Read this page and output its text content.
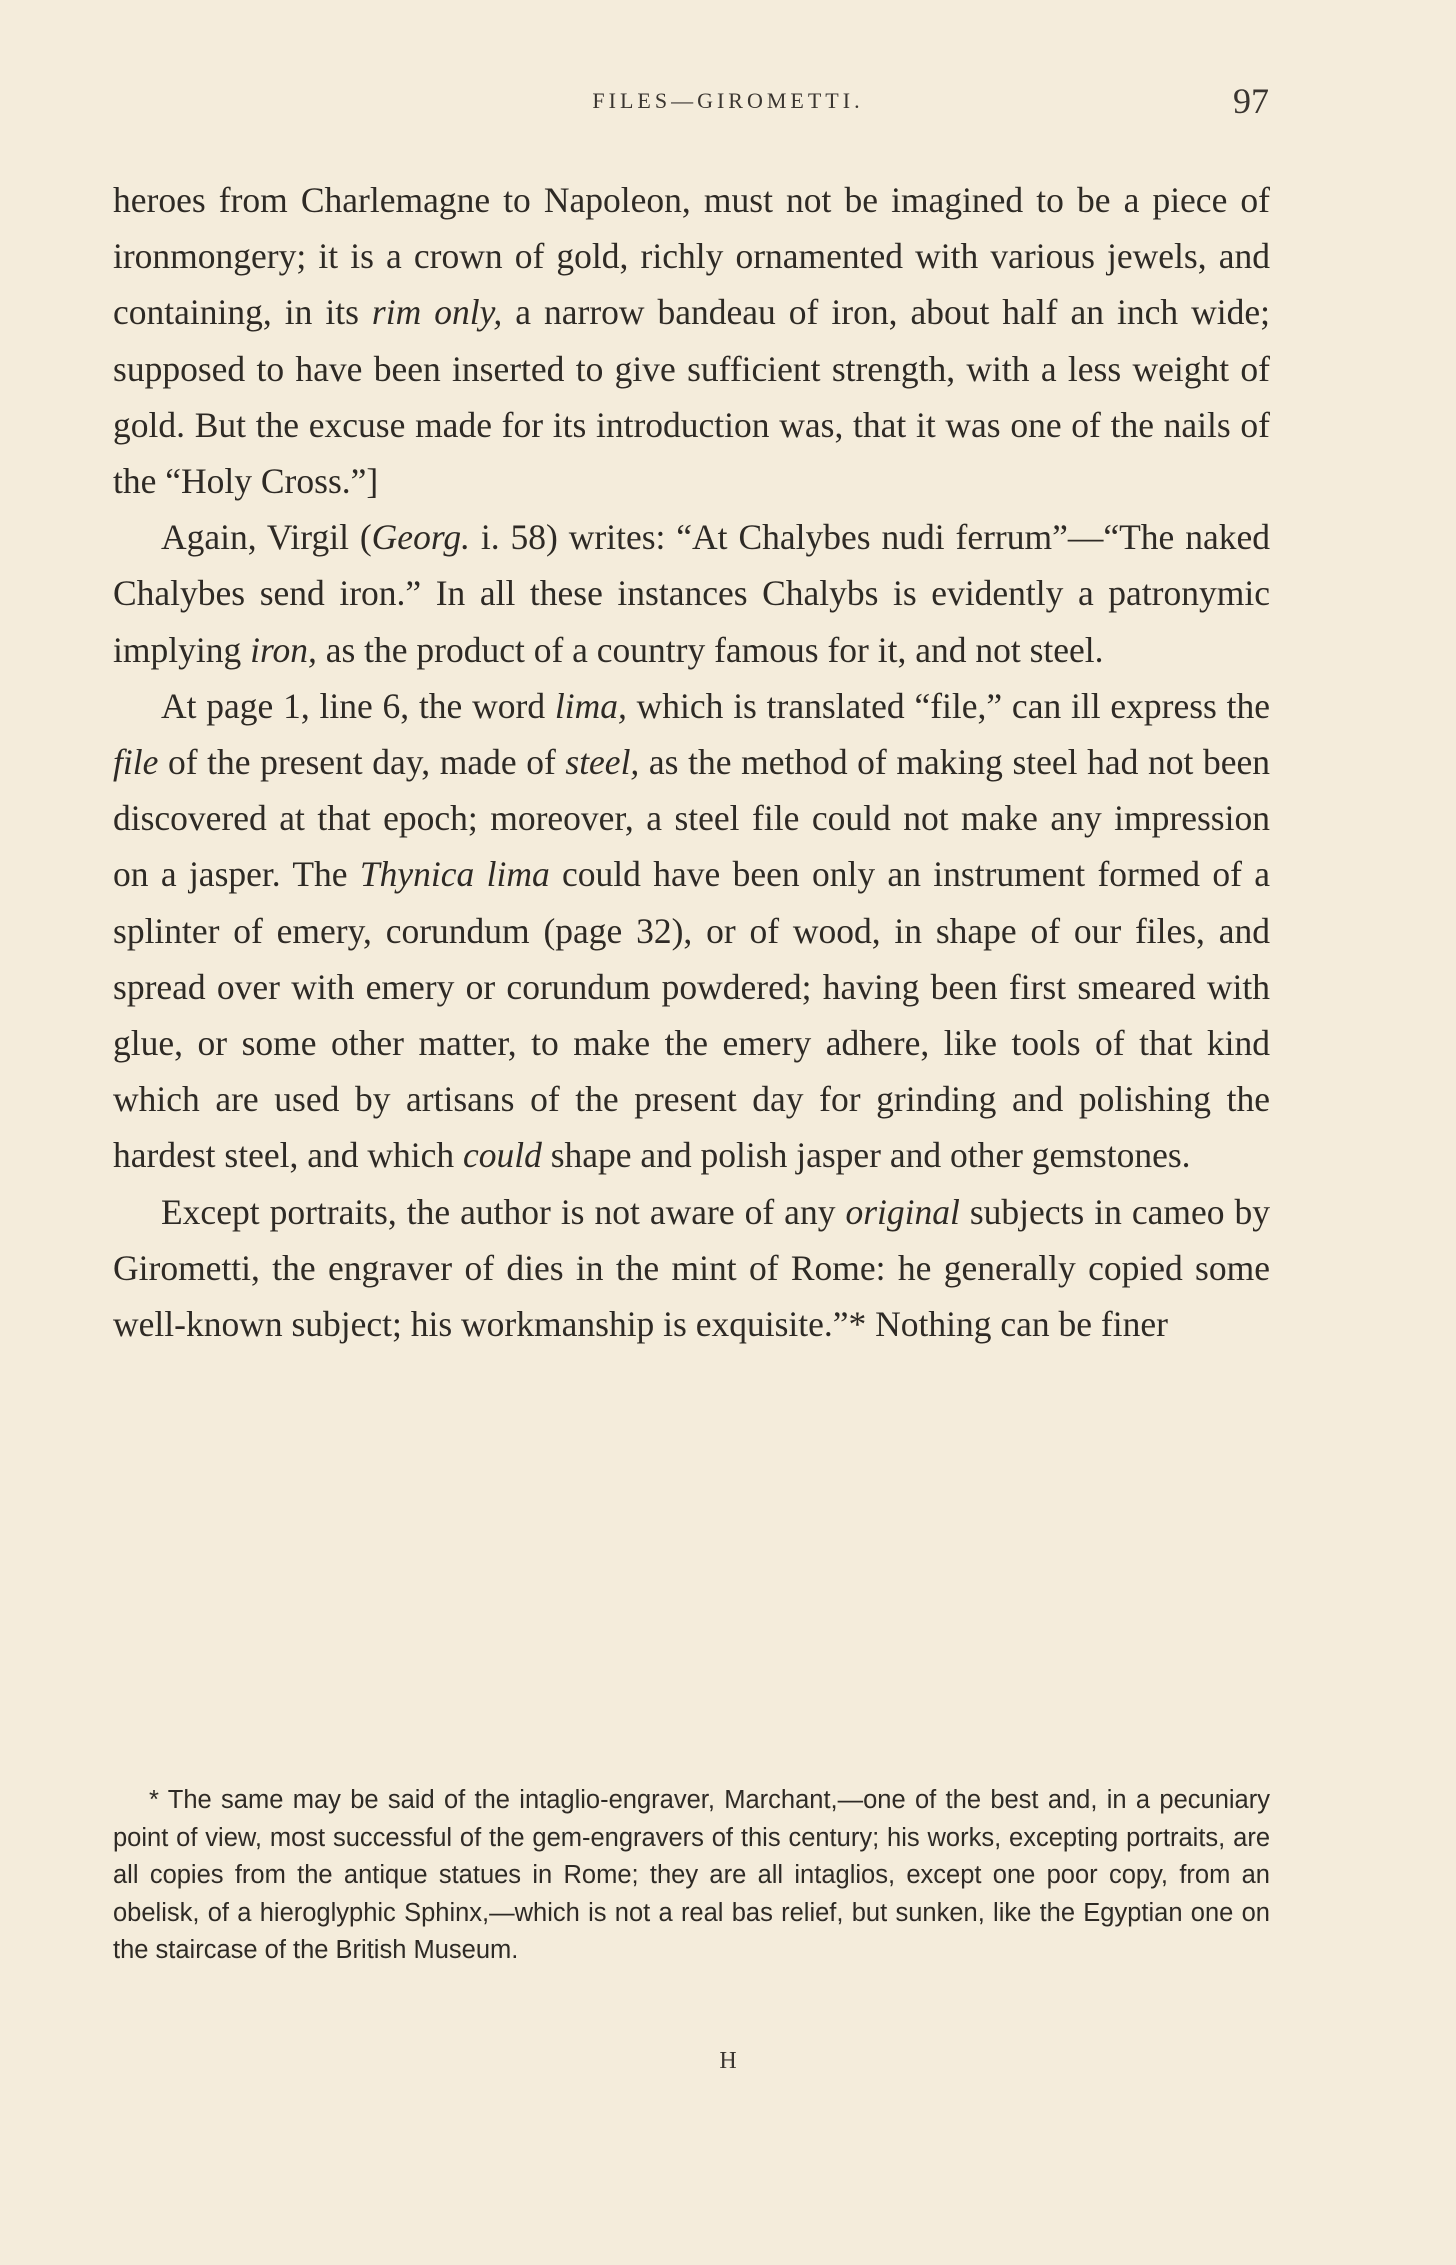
FILES—GIROMETTI.	97

heroes from Charlemagne to Napoleon, must not be imagined to be a piece of ironmongery; it is a crown of gold, richly ornamented with various jewels, and containing, in its rim only, a narrow bandeau of iron, about half an inch wide; supposed to have been inserted to give sufficient strength, with a less weight of gold. But the excuse made for its introduction was, that it was one of the nails of the “Holy Cross.”]

Again, Virgil (Georg. i. 58) writes: “At Chalybes nudi ferrum”—“The naked Chalybes send iron.” In all these instances Chalybs is evidently a patronymic implying iron, as the product of a country famous for it, and not steel.

At page 1, line 6, the word lima, which is translated “file,” can ill express the file of the present day, made of steel, as the method of making steel had not been discovered at that epoch; moreover, a steel file could not make any impression on a jasper. The Thynica lima could have been only an instrument formed of a splinter of emery, corundum (page 32), or of wood, in shape of our files, and spread over with emery or corundum powdered; having been first smeared with glue, or some other matter, to make the emery adhere, like tools of that kind which are used by artisans of the present day for grinding and polishing the hardest steel, and which could shape and polish jasper and other gemstones.

Except portraits, the author is not aware of any original subjects in cameo by Girometti, the engraver of dies in the mint of Rome: he generally copied some well-known subject; his workmanship is exquisite.”* Nothing can be finer

* The same may be said of the intaglio-engraver, Marchant,—one of the best and, in a pecuniary point of view, most successful of the gem-engravers of this century; his works, excepting portraits, are all copies from the antique statues in Rome; they are all intaglios, except one poor copy, from an obelisk, of a hieroglyphic Sphinx,—which is not a real bas relief, but sunken, like the Egyptian one on the staircase of the British Museum.

H
